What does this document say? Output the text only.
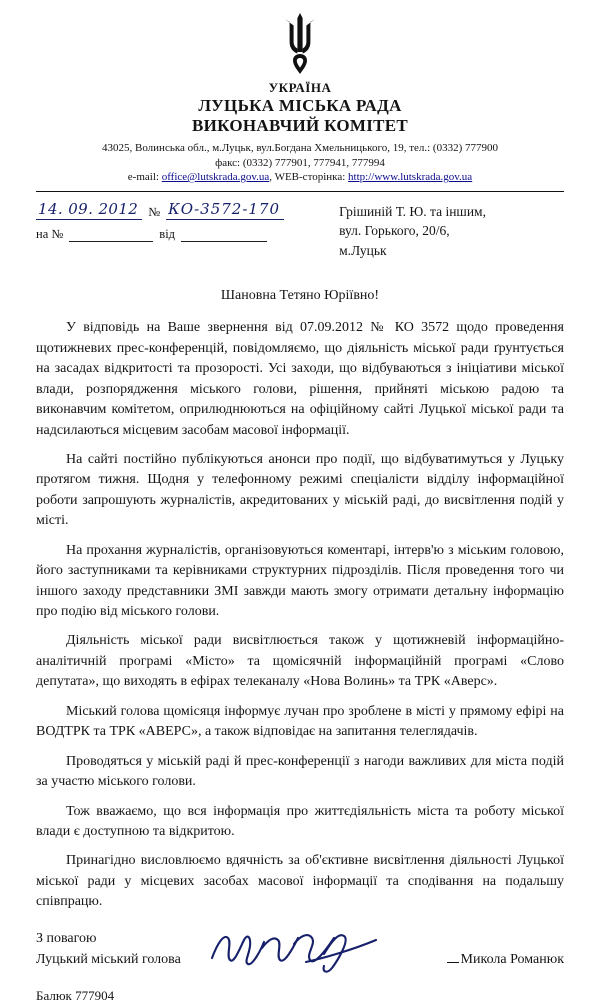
УКРАЇНА
ЛУЦЬКА МІСЬКА РАДА
ВИКОНАВЧИЙ КОМІТЕТ
43025, Волинська обл., м.Луцьк, вул.Богдана Хмельницького, 19, тел.: (0332) 777900
факс: (0332) 777901, 777941, 777994
e-mail: office@lutskrada.gov.ua, WEB-сторінка: http://www.lutskrada.gov.ua
14. 09. 2012 № КО-3572-170
на №	від
Грішиній Т. Ю. та іншим,
вул. Горького, 20/6,
м.Луцьк
Шановна Тетяно Юріївно!

У відповідь на Ваше звернення від 07.09.2012 № КО 3572 щодо проведення щотижневих прес-конференцій, повідомляємо, що діяльність міської ради ґрунтується на засадах відкритості та прозорості. Усі заходи, що відбуваються з ініціативи міської влади, розпорядження міського голови, рішення, прийняті міською радою та виконавчим комітетом, оприлюднюються на офіційному сайті Луцької міської ради та надсилаються місцевим засобам масової інформації.

На сайті постійно публікуються анонси про події, що відбуватимуться у Луцьку протягом тижня. Щодня у телефонному режимі спеціалісти відділу інформаційної роботи запрошують журналістів, акредитованих у міській раді, до висвітлення подій у місті.

На прохання журналістів, організовуються коментарі, інтерв'ю з міським головою, його заступниками та керівниками структурних підрозділів. Після проведення того чи іншого заходу представники ЗМІ завжди мають змогу отримати детальну інформацію про подію від міського голови.

Діяльність міської ради висвітлюється також у щотижневій інформаційно-аналітичній програмі «Місто» та щомісячній інформаційній програмі «Слово депутата», що виходять в ефірах телеканалу «Нова Волинь» та ТРК «Аверс».

Міський голова щомісяця інформує лучан про зроблене в місті у прямому ефірі на ВОДТРК та ТРК «АВЕРС», а також відповідає на запитання телеглядачів.

Проводяться у міській раді й прес-конференції з нагоди важливих для міста подій за участю міського голови.

Тож вважаємо, що вся інформація про життєдіяльність міста та роботу міської влади є доступною та відкритою.

Принагідно висловлюємо вдячність за об'єктивне висвітлення діяльності Луцької міської ради у місцевих засобах масової інформації та сподівання на подальшу співпрацю.

З повагою
Луцький міський голова	Микола Романюк
Балюк 777904
